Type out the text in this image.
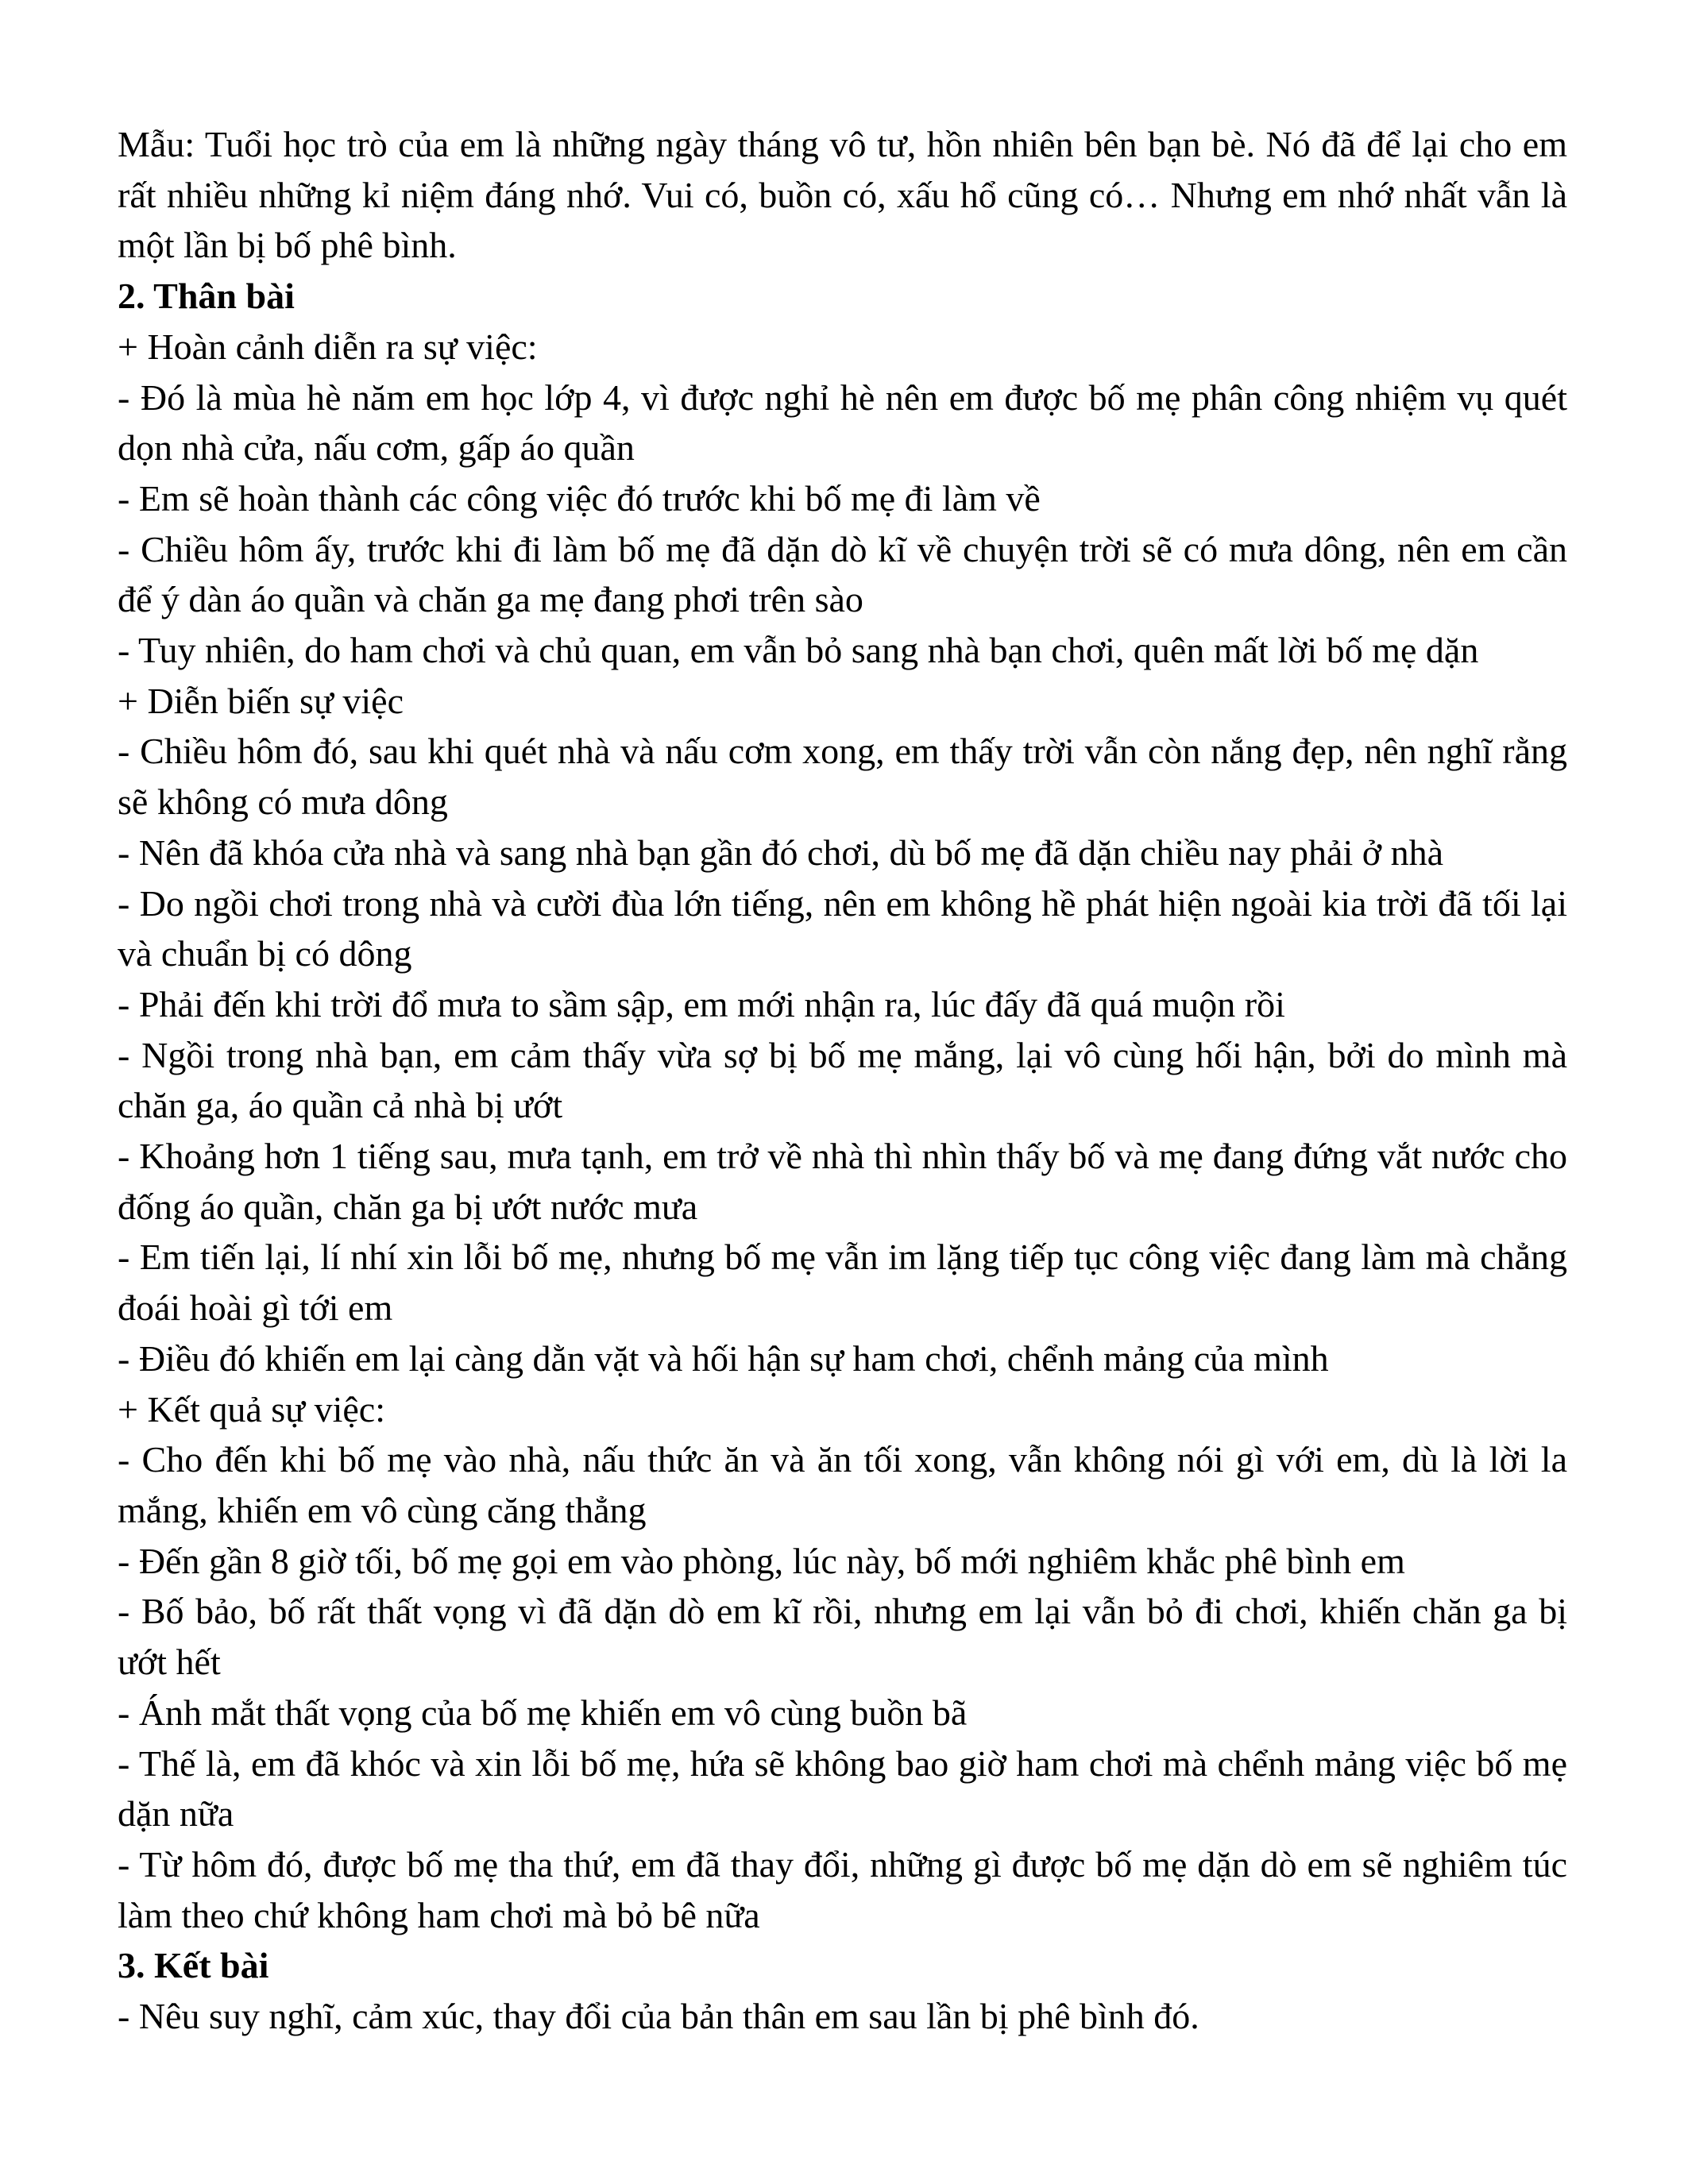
Mẫu: Tuổi học trò của em là những ngày tháng vô tư, hồn nhiên bên bạn bè. Nó đã để lại cho em rất nhiều những kỉ niệm đáng nhớ. Vui có, buồn có, xấu hổ cũng có… Nhưng em nhớ nhất vẫn là một lần bị bố phê bình.

2. Thân bài

+ Hoàn cảnh diễn ra sự việc:

- Đó là mùa hè năm em học lớp 4, vì được nghỉ hè nên em được bố mẹ phân công nhiệm vụ quét dọn nhà cửa, nấu cơm, gấp áo quần

- Em sẽ hoàn thành các công việc đó trước khi bố mẹ đi làm về

- Chiều hôm ấy, trước khi đi làm bố mẹ đã dặn dò kĩ về chuyện trời sẽ có mưa dông, nên em cần để ý dàn áo quần và chăn ga mẹ đang phơi trên sào

- Tuy nhiên, do ham chơi và chủ quan, em vẫn bỏ sang nhà bạn chơi, quên mất lời bố mẹ dặn

+ Diễn biến sự việc

- Chiều hôm đó, sau khi quét nhà và nấu cơm xong, em thấy trời vẫn còn nắng đẹp, nên nghĩ rằng sẽ không có mưa dông

- Nên đã khóa cửa nhà và sang nhà bạn gần đó chơi, dù bố mẹ đã dặn chiều nay phải ở nhà

- Do ngồi chơi trong nhà và cười đùa lớn tiếng, nên em không hề phát hiện ngoài kia trời đã tối lại và chuẩn bị có dông

- Phải đến khi trời đổ mưa to sầm sập, em mới nhận ra, lúc đấy đã quá muộn rồi

- Ngồi trong nhà bạn, em cảm thấy vừa sợ bị bố mẹ mắng, lại vô cùng hối hận, bởi do mình mà chăn ga, áo quần cả nhà bị ướt

- Khoảng hơn 1 tiếng sau, mưa tạnh, em trở về nhà thì nhìn thấy bố và mẹ đang đứng vắt nước cho đống áo quần, chăn ga bị ướt nước mưa

- Em tiến lại, lí nhí xin lỗi bố mẹ, nhưng bố mẹ vẫn im lặng tiếp tục công việc đang làm mà chẳng đoái hoài gì tới em

- Điều đó khiến em lại càng dằn vặt và hối hận sự ham chơi, chểnh mảng của mình

+ Kết quả sự việc:

- Cho đến khi bố mẹ vào nhà, nấu thức ăn và ăn tối xong, vẫn không nói gì với em, dù là lời la mắng, khiến em vô cùng căng thẳng

- Đến gần 8 giờ tối, bố mẹ gọi em vào phòng, lúc này, bố mới nghiêm khắc phê bình em

- Bố bảo, bố rất thất vọng vì đã dặn dò em kĩ rồi, nhưng em lại vẫn bỏ đi chơi, khiến chăn ga bị ướt hết

- Ánh mắt thất vọng của bố mẹ khiến em vô cùng buồn bã

- Thế là, em đã khóc và xin lỗi bố mẹ, hứa sẽ không bao giờ ham chơi mà chểnh mảng việc bố mẹ dặn nữa

- Từ hôm đó, được bố mẹ tha thứ, em đã thay đổi, những gì được bố mẹ dặn dò em sẽ nghiêm túc làm theo chứ không ham chơi mà bỏ bê nữa

3. Kết bài

- Nêu suy nghĩ, cảm xúc, thay đổi của bản thân em sau lần bị phê bình đó.
